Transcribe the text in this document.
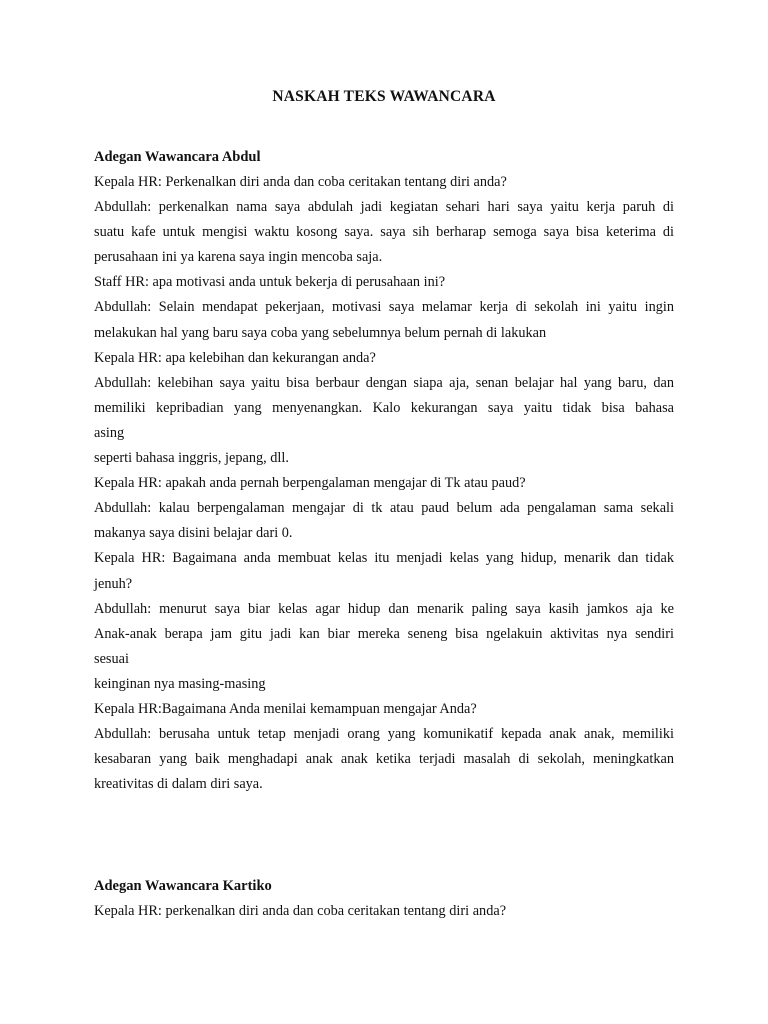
NASKAH TEKS WAWANCARA
Adegan Wawancara Abdul
Kepala HR: Perkenalkan diri anda dan coba ceritakan tentang diri anda?
Abdullah: perkenalkan nama saya abdulah jadi kegiatan sehari hari saya yaitu kerja paruh di
suatu kafe untuk mengisi waktu kosong saya. saya sih berharap semoga saya bisa keterima di
perusahaan ini ya karena saya ingin mencoba saja.
Staff HR: apa motivasi anda untuk bekerja di perusahaan ini?
Abdullah: Selain mendapat pekerjaan, motivasi saya melamar kerja di sekolah ini yaitu ingin
melakukan hal yang baru saya coba yang sebelumnya belum pernah di lakukan
Kepala HR: apa kelebihan dan kekurangan anda?
Abdullah: kelebihan saya yaitu bisa berbaur dengan siapa aja, senan belajar hal yang baru, dan
memiliki kepribadian yang menyenangkan. Kalo kekurangan saya yaitu tidak bisa bahasa
asing
seperti bahasa inggris, jepang, dll.
Kepala HR: apakah anda pernah berpengalaman mengajar di Tk atau paud?
Abdullah: kalau berpengalaman mengajar di tk atau paud belum ada pengalaman sama sekali
makanya saya disini belajar dari 0.
Kepala HR: Bagaimana anda membuat kelas itu menjadi kelas yang hidup, menarik dan tidak
jenuh?
Abdullah: menurut saya biar kelas agar hidup dan menarik paling saya kasih jamkos aja ke
Anak-anak berapa jam gitu jadi kan biar mereka seneng bisa ngelakuin aktivitas nya sendiri
sesuai
keinginan nya masing-masing
Kepala HR:Bagaimana Anda menilai kemampuan mengajar Anda?
Abdullah: berusaha untuk tetap menjadi orang yang komunikatif kepada anak anak, memiliki
kesabaran yang baik menghadapi anak anak ketika terjadi masalah di sekolah, meningkatkan
kreativitas di dalam diri saya.
Adegan Wawancara Kartiko
Kepala HR: perkenalkan diri anda dan coba ceritakan tentang diri anda?
